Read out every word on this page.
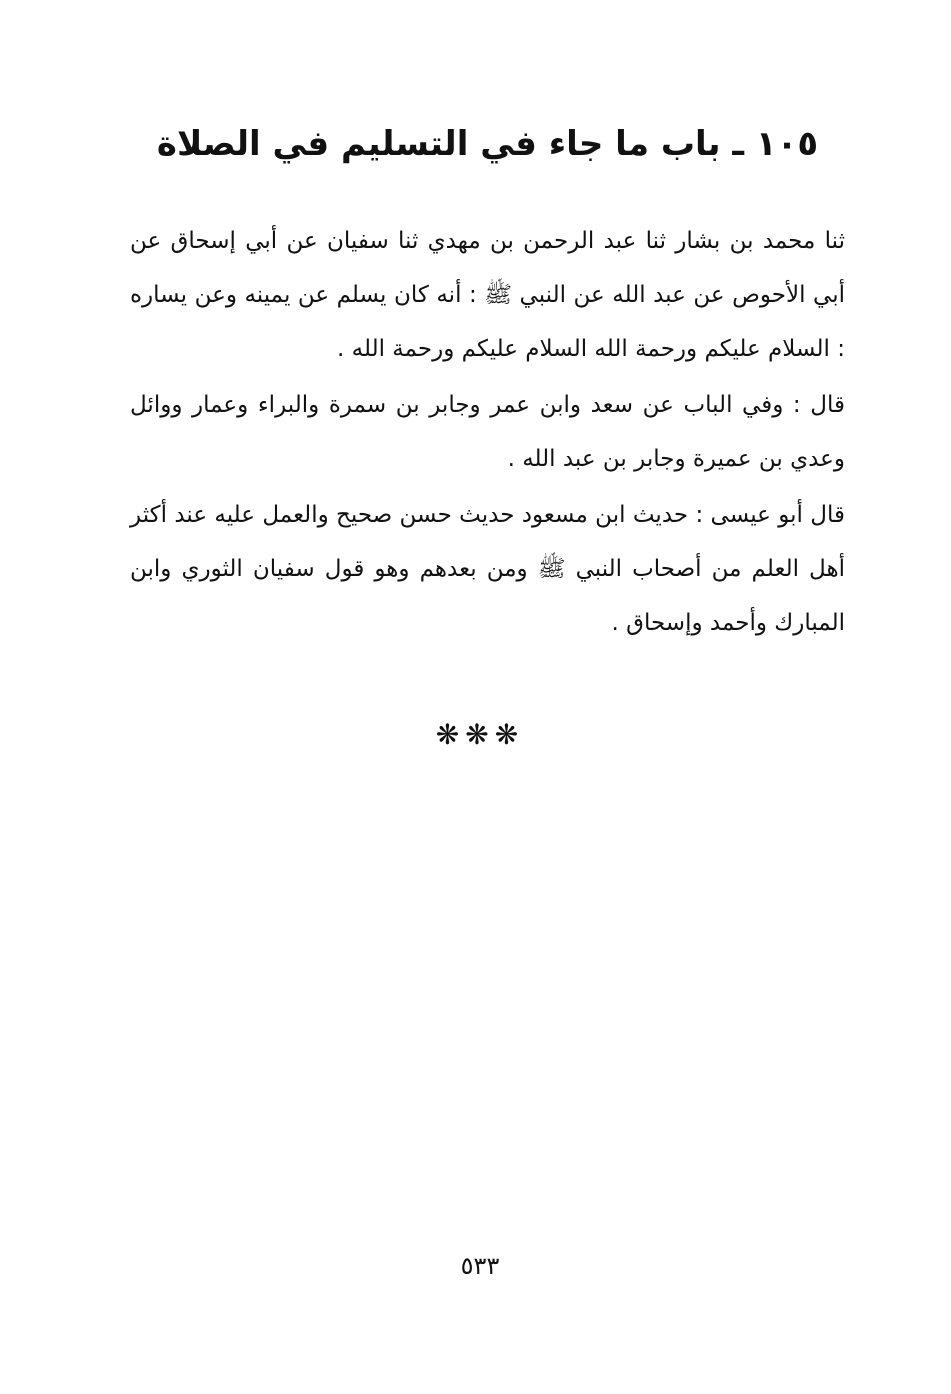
١٠٥ ـ باب ما جاء في التسليم في الصلاة

ثنا محمد بن بشار ثنا عبد الرحمن بن مهدي ثنا سفيان عن أبي إسحاق عن أبي الأحوص عن عبد الله عن النبي ﷺ : أنه كان يسلم عن يمينه وعن يساره : السلام عليكم ورحمة الله السلام عليكم ورحمة الله .

قال : وفي الباب عن سعد وابن عمر وجابر بن سمرة والبراء وعمار ووائل وعدي بن عميرة وجابر بن عبد الله .

قال أبو عيسى : حديث ابن مسعود حديث حسن صحيح والعمل عليه عند أكثر أهل العلم من أصحاب النبي ﷺ ومن بعدهم وهو قول سفيان الثوري وابن المبارك وأحمد وإسحاق .

❋❋❋
٥٣٣
